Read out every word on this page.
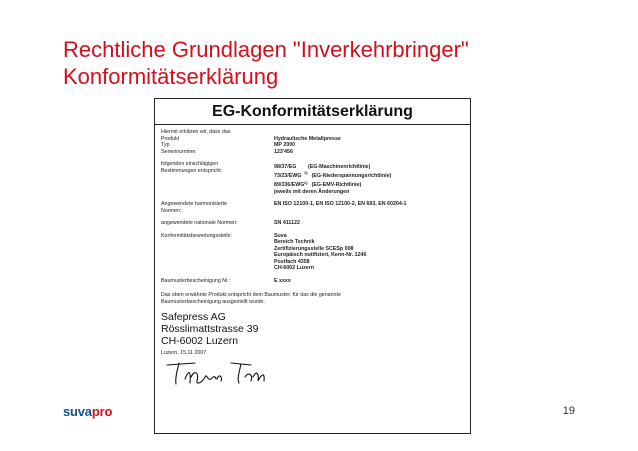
Rechtliche Grundlagen "Inverkehrbringer"
Konformitätserklärung
EG-Konformitätserklärung
Hiermit erklären wir, dass das
Produkt	Hydraulische Metallpresse
Typ	MP 2000
Seriennummer	123'456
folgenden einschlägigen
Bestimmungen entspricht:
98/37/EG (EG-Maschinenrichtlinie)
73/23/EWG$^{1)}$(EG-Niederspannungsrichtlinie)
89/336/EWG$^{2)}$(EG-EMV-Richtlinie)
jeweils mit deren Änderungen
Angewendete harmonisierte
Normen:
EN ISO 12100-1, EN ISO 12100-2, EN 693, EN 60204-1
angewendete nationale Normen:	SN 411122
Konformitätsbewertungsstelle:	Suva
Bereich Technik
Zertifizierungsstelle SCESp 008
Europäisch notifiziert, Kenn-Nr. 1246
Postfach 4358
CH-6002 Luzern
Baumusterbescheinigung Nr.:	E xxxx
Das oben erwähnte Produkt entspricht dem Baumuster, für das die genannte Baumusterbescheinigung ausgestellt wurde.
Safepress AG
Rösslimattstrasse 39
CH-6002 Luzern
Luzern, 15.11.2007
suvapro	19
